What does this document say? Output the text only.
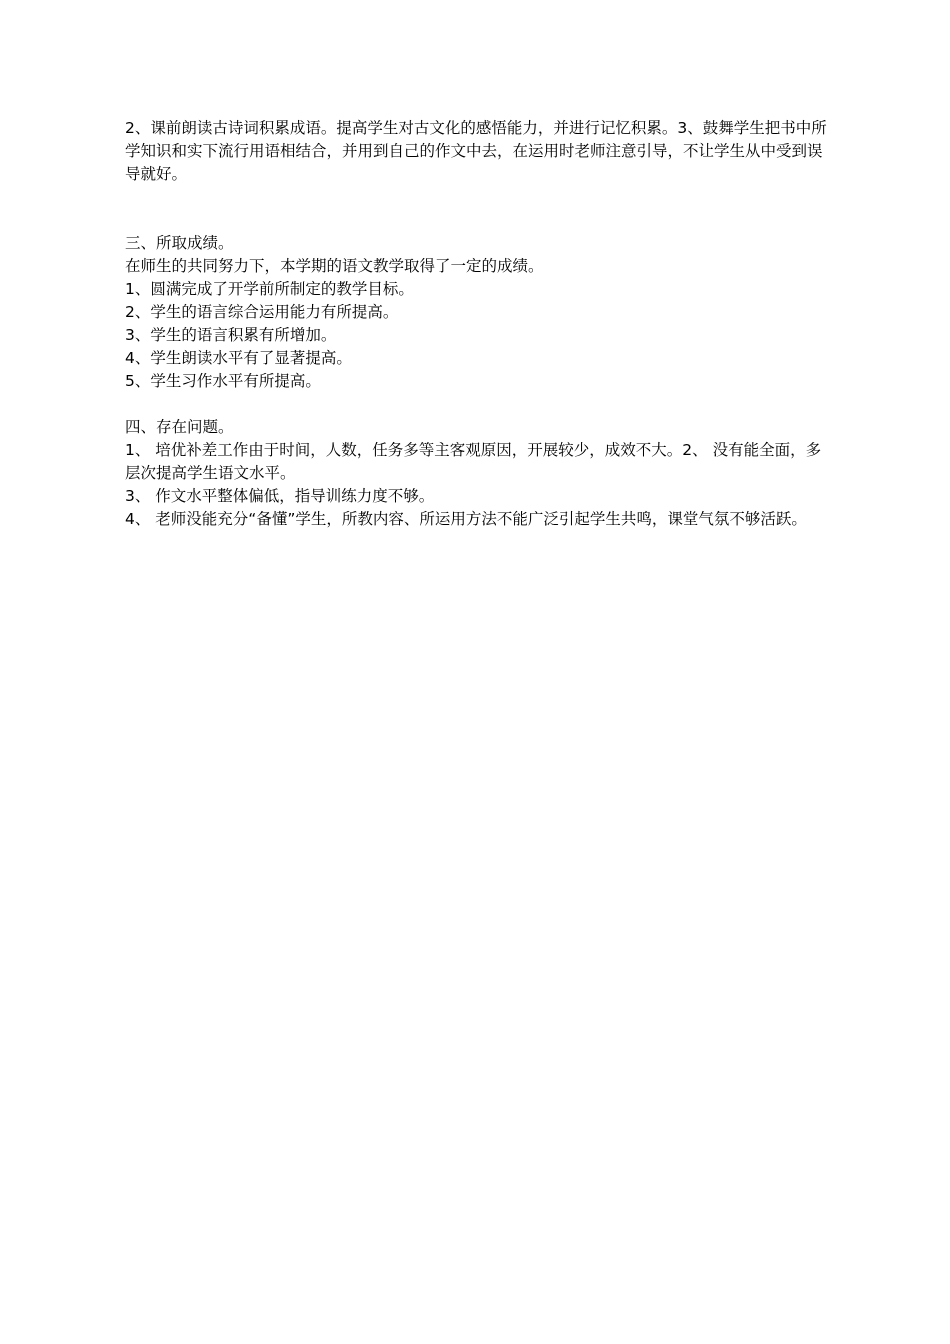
2、课前朗读古诗词积累成语。提高学生对古文化的感悟能力，并进行记忆积累。3、鼓舞学生把书中所学知识和实下流行用语相结合，并用到自己的作文中去，在运用时老师注意引导，不让学生从中受到误导就好。

三、所取成绩。

在师生的共同努力下，本学期的语文教学取得了一定的成绩。

1、圆满完成了开学前所制定的教学目标。

2、学生的语言综合运用能力有所提高。

3、学生的语言积累有所增加。

4、学生朗读水平有了显著提高。

5、学生习作水平有所提高。

四、存在问题。

1、 培优补差工作由于时间，人数，任务多等主客观原因，开展较少，成效不大。2、 没有能全面，多层次提高学生语文水平。

3、 作文水平整体偏低，指导训练力度不够。

4、 老师没能充分“备懂”学生，所教内容、所运用方法不能广泛引起学生共鸣，课堂气氛不够活跃。
